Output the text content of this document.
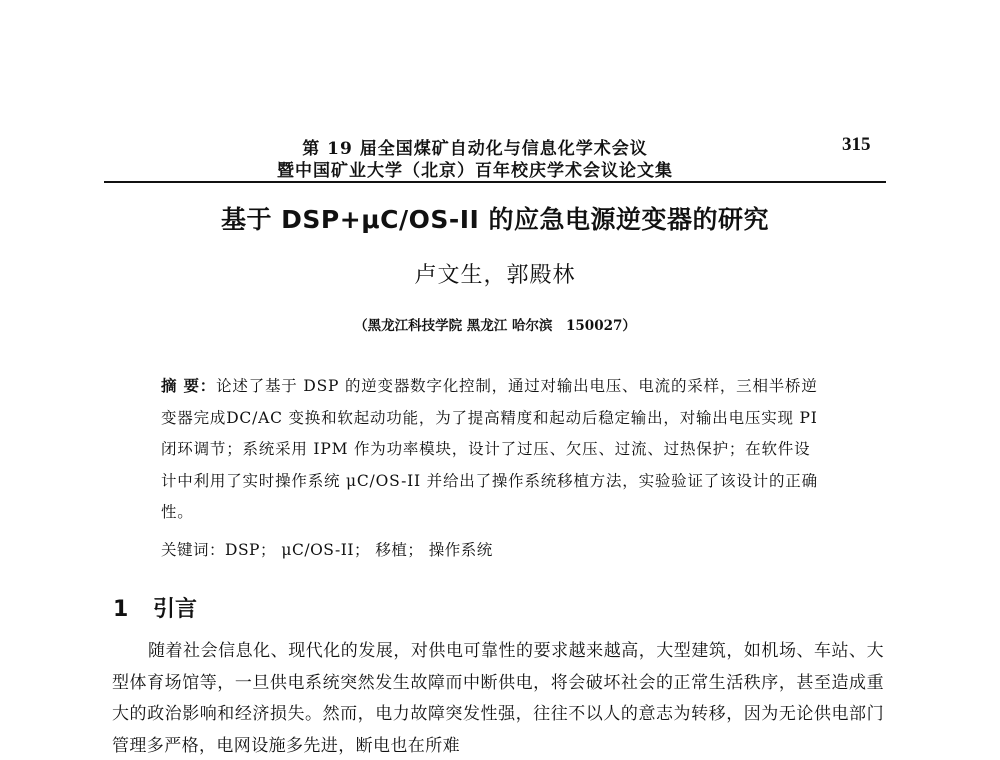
第 19 届全国煤矿自动化与信息化学术会议
暨中国矿业大学（北京）百年校庆学术会议论文集
315
基于 DSP+μC/OS-II 的应急电源逆变器的研究
卢文生，郭殿林
（黑龙江科技学院 黑龙江 哈尔滨　150027）
摘 要：论述了基于 DSP 的逆变器数字化控制，通过对输出电压、电流的采样，三相半桥逆变器完成DC/AC 变换和软起动功能，为了提高精度和起动后稳定输出，对输出电压实现 PI 闭环调节；系统采用 IPM 作为功率模块，设计了过压、欠压、过流、过热保护；在软件设计中利用了实时操作系统 μC/OS-II 并给出了操作系统移植方法，实验验证了该设计的正确性。
关键词：DSP； μC/OS-II； 移植； 操作系统
1 引言
随着社会信息化、现代化的发展，对供电可靠性的要求越来越高，大型建筑，如机场、车站、大型体育场馆等，一旦供电系统突然发生故障而中断供电，将会破坏社会的正常生活秩序，甚至造成重大的政治影响和经济损失。然而，电力故障突发性强，往往不以人的意志为转移，因为无论供电部门管理多严格，电网设施多先进，断电也在所难
